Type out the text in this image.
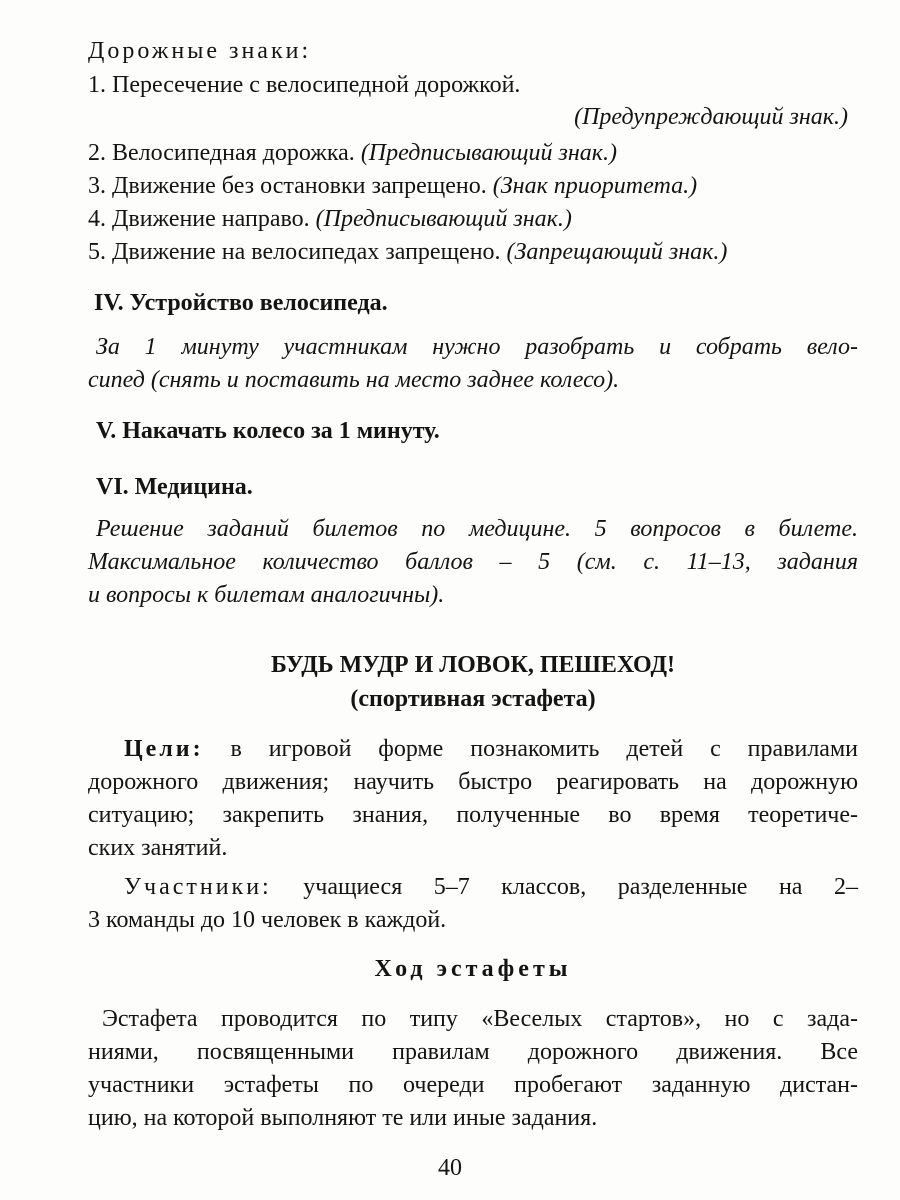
Дорожные знаки:
1. Пересечение с велосипедной дорожкой.
(Предупреждающий знак.)
2. Велосипедная дорожка. (Предписывающий знак.)
3. Движение без остановки запрещено. (Знак приоритета.)
4. Движение направо. (Предписывающий знак.)
5. Движение на велосипедах запрещено. (Запрещающий знак.)
IV. Устройство велосипеда.
За 1 минуту участникам нужно разобрать и собрать вело-
сипед (снять и поставить на место заднее колесо).
V. Накачать колесо за 1 минуту.
VI. Медицина.
Решение заданий билетов по медицине. 5 вопросов в билете.
Максимальное количество баллов – 5 (см. с. 11–13, задания
и вопросы к билетам аналогичны).
БУДЬ МУДР И ЛОВОК, ПЕШЕХОД!
(спортивная эстафета)
Цели: в игровой форме познакомить детей с правилами
дорожного движения; научить быстро реагировать на дорожную
ситуацию; закрепить знания, полученные во время теоретиче-
ских занятий.
Участники: учащиеся 5–7 классов, разделенные на 2–
3 команды до 10 человек в каждой.
Ход эстафеты
Эстафета проводится по типу «Веселых стартов», но с зада-
ниями, посвященными правилам дорожного движения. Все
участники эстафеты по очереди пробегают заданную дистан-
цию, на которой выполняют те или иные задания.
40
